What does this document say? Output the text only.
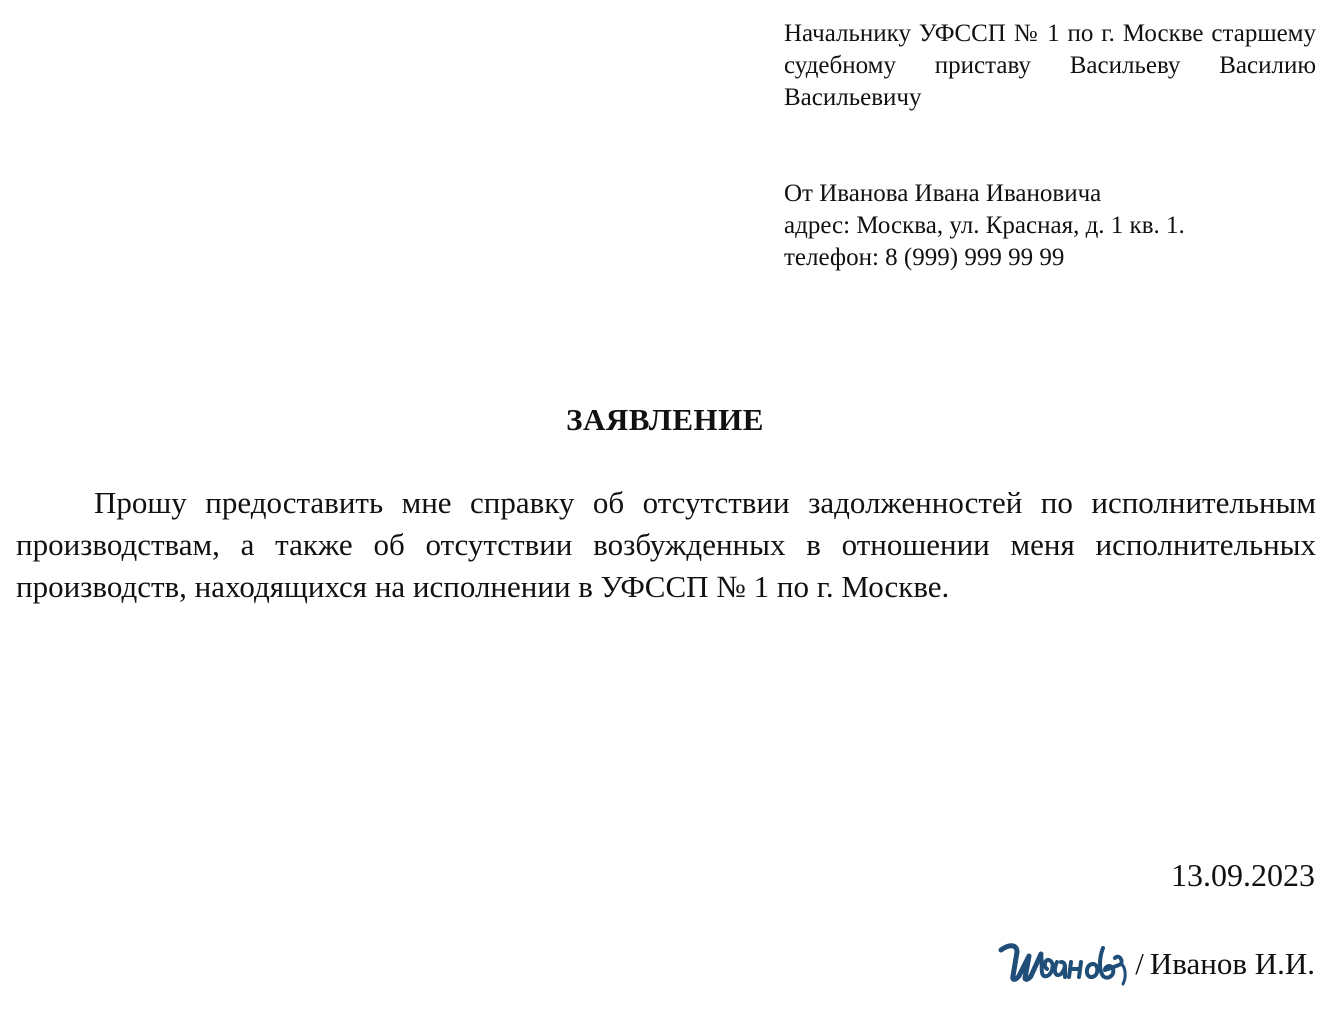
Начальнику УФССП № 1 по г. Москве старшему судебному приставу Васильеву Василию Васильевичу
От Иванова Ивана Ивановича
адрес: Москва, ул. Красная, д. 1 кв. 1.
телефон: 8 (999) 999 99 99
ЗАЯВЛЕНИЕ

Прошу предоставить мне справку об отсутствии задолженностей по исполнительным производствам, а также об отсутствии возбужденных в отношении меня исполнительных производств, находящихся на исполнении в УФССП № 1 по г. Москве.

13.09.2023
/ Иванов И.И.
